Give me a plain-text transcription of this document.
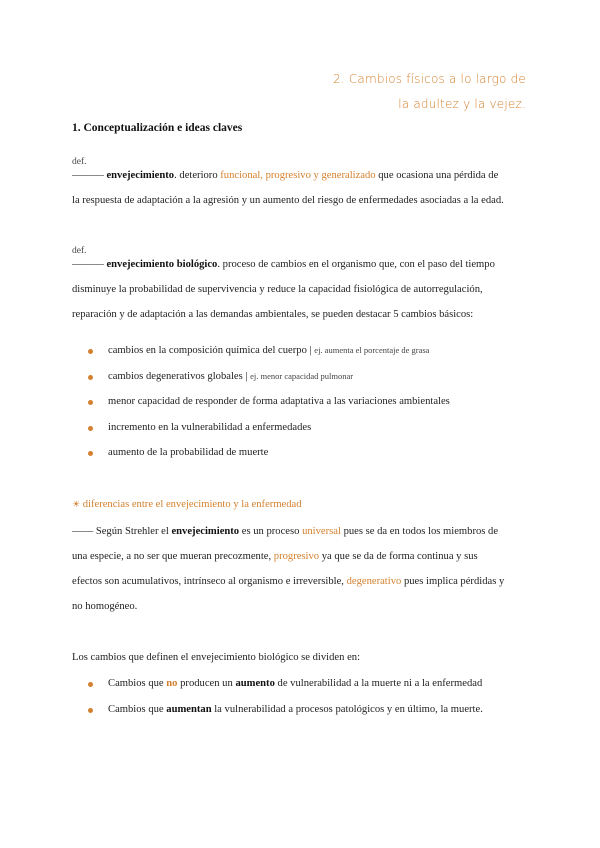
2. Cambios físicos a lo largo de
la adultez y la vejez.
1. Conceptualización e ideas claves
def.
——— envejecimiento. deterioro funcional, progresivo y generalizado que ocasiona una pérdida de
la respuesta de adaptación a la agresión y un aumento del riesgo de enfermedades asociadas a la edad.
def.
——— envejecimiento biológico. proceso de cambios en el organismo que, con el paso del tiempo
disminuye la probabilidad de supervivencia y reduce la capacidad fisiológica de autorregulación,
reparación y de adaptación a las demandas ambientales, se pueden destacar 5 cambios básicos:
cambios en la composición química del cuerpo | ej. aumenta el porcentaje de grasa
cambios degenerativos globales | ej. menor capacidad pulmonar
menor capacidad de responder de forma adaptativa a las variaciones ambientales
incremento en la vulnerabilidad a enfermedades
aumento de la probabilidad de muerte
☀ diferencias entre el envejecimiento y la enfermedad
—— Según Strehler el envejecimiento es un proceso universal pues se da en todos los miembros de
una especie, a no ser que mueran precozmente, progresivo ya que se da de forma continua y sus
efectos son acumulativos, intrínseco al organismo e irreversible, degenerativo pues implica pérdidas y
no homogéneo.
Los cambios que definen el envejecimiento biológico se dividen en:
Cambios que no producen un aumento de vulnerabilidad a la muerte ni a la enfermedad
Cambios que aumentan la vulnerabilidad a procesos patológicos y en último, la muerte.
